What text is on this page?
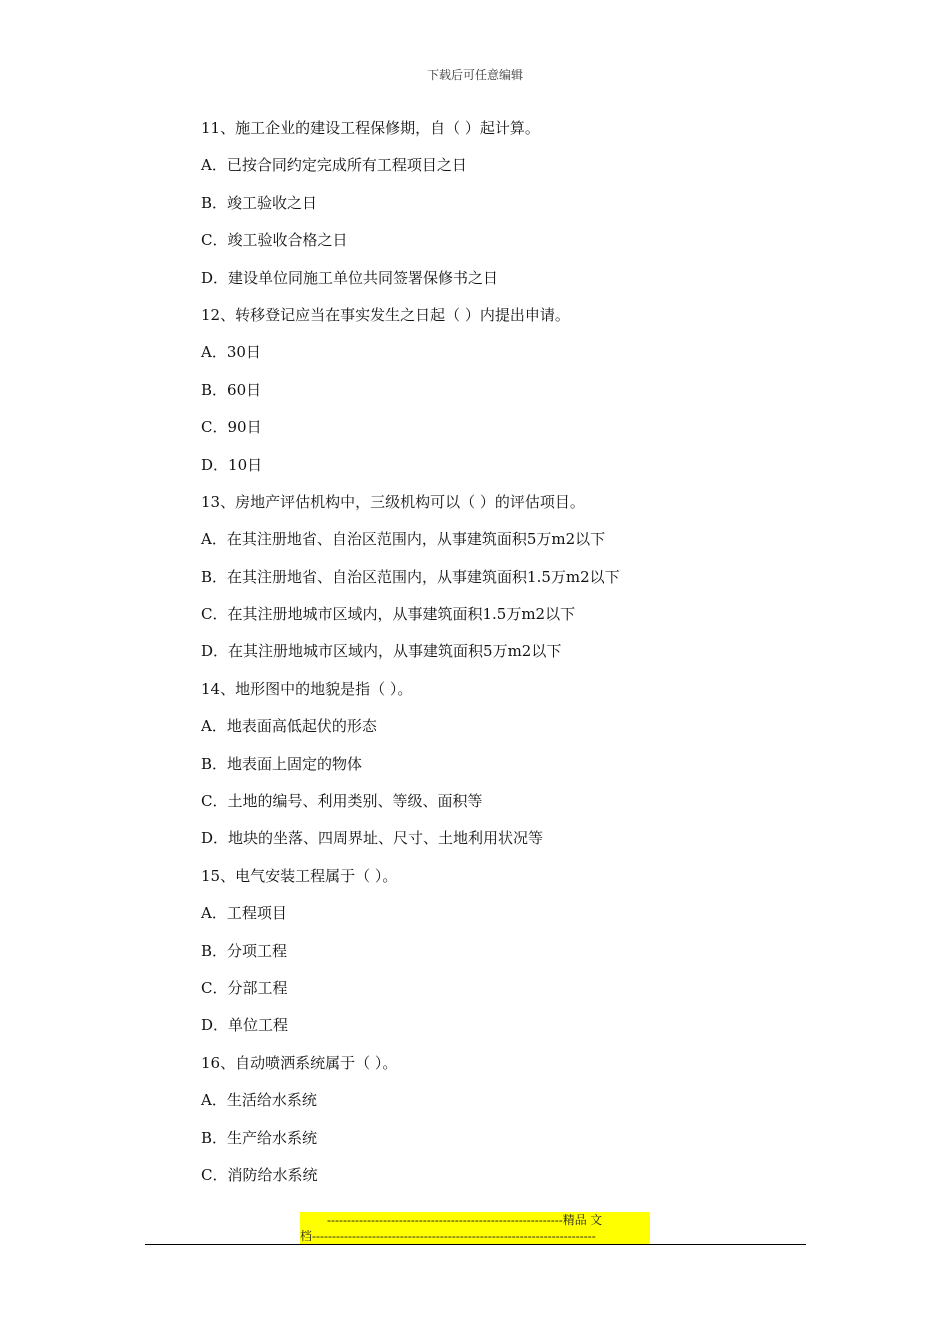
下载后可任意编辑
11、施工企业的建设工程保修期，自（ ）起计算。
A．已按合同约定完成所有工程项目之日
B．竣工验收之日
C．竣工验收合格之日
D．建设单位同施工单位共同签署保修书之日
12、转移登记应当在事实发生之日起（ ）内提出申请。
A．30日
B．60日
C．90日
D．10日
13、房地产评估机构中，三级机构可以（ ）的评估项目。
A．在其注册地省、自治区范围内，从事建筑面积5万m2以下
B．在其注册地省、自治区范围内，从事建筑面积1.5万m2以下
C．在其注册地城市区域内，从事建筑面积1.5万m2以下
D．在其注册地城市区域内，从事建筑面积5万m2以下
14、地形图中的地貌是指（ ）。
A．地表面高低起伏的形态
B．地表面上固定的物体
C．土地的编号、利用类别、等级、面积等
D．地块的坐落、四周界址、尺寸、土地利用状况等
15、电气安装工程属于（ ）。
A．工程项目
B．分项工程
C．分部工程
D．单位工程
16、自动喷洒系统属于（ ）。
A．生活给水系统
B．生产给水系统
C．消防给水系统
-----------------------------------------------------------精品 文
档-----------------------------------------------------------------------
